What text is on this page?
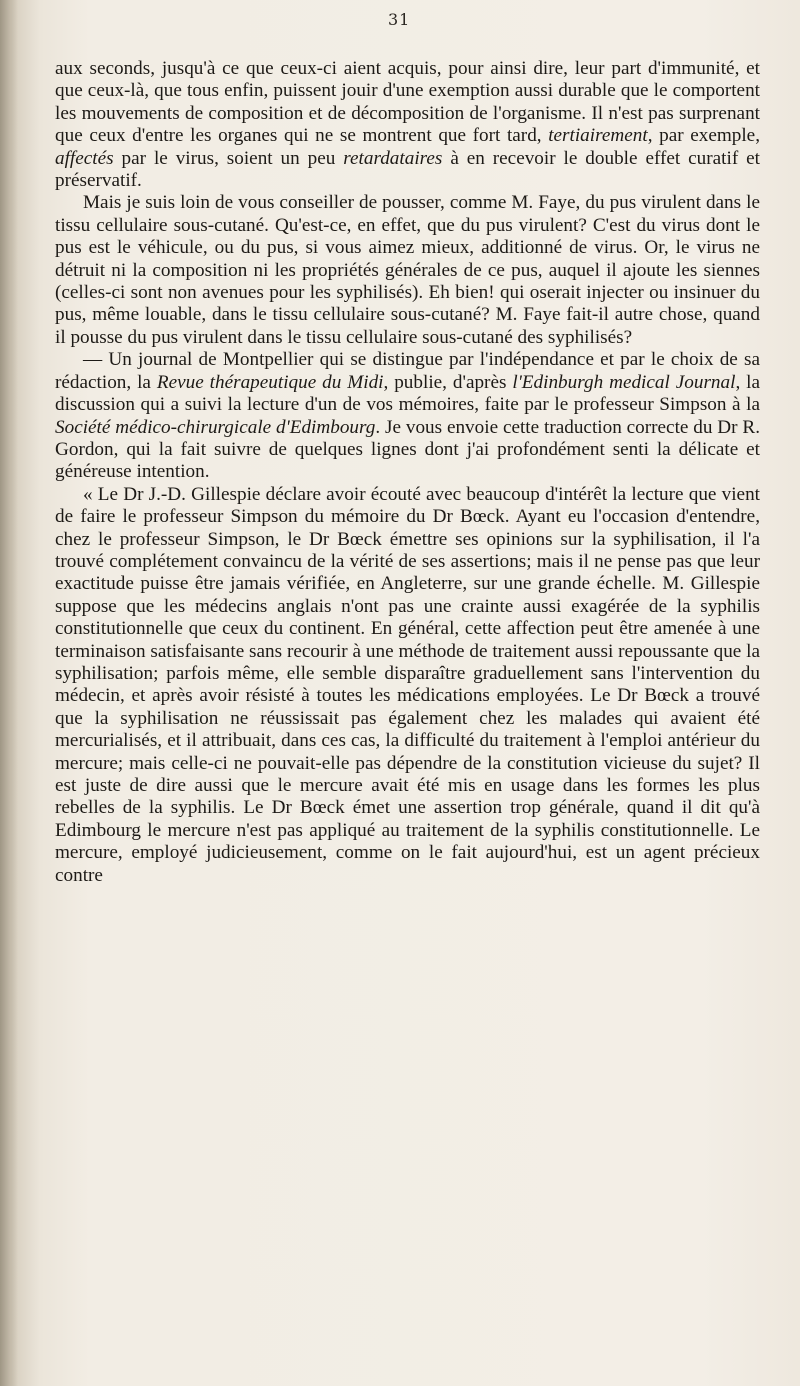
31

aux seconds, jusqu'à ce que ceux-ci aient acquis, pour ainsi dire, leur part d'immunité, et que ceux-là, que tous enfin, puissent jouir d'une exemption aussi durable que le comportent les mouvements de composition et de décomposition de l'organisme. Il n'est pas surprenant que ceux d'entre les organes qui ne se montrent que fort tard, tertiairement, par exemple, affectés par le virus, soient un peu retardataires à en recevoir le double effet curatif et préservatif.

Mais je suis loin de vous conseiller de pousser, comme M. Faye, du pus virulent dans le tissu cellulaire sous-cutané. Qu'est-ce, en effet, que du pus virulent? C'est du virus dont le pus est le véhicule, ou du pus, si vous aimez mieux, additionné de virus. Or, le virus ne détruit ni la composition ni les propriétés générales de ce pus, auquel il ajoute les siennes (celles-ci sont non avenues pour les syphilisés). Eh bien! qui oserait injecter ou insinuer du pus, même louable, dans le tissu cellulaire sous-cutané? M. Faye fait-il autre chose, quand il pousse du pus virulent dans le tissu cellulaire sous-cutané des syphilisés?

— Un journal de Montpellier qui se distingue par l'indépendance et par le choix de sa rédaction, la Revue thérapeutique du Midi, publie, d'après l'Edinburgh medical Journal, la discussion qui a suivi la lecture d'un de vos mémoires, faite par le professeur Simpson à la Société médico-chirurgicale d'Edimbourg. Je vous envoie cette traduction correcte du Dr R. Gordon, qui la fait suivre de quelques lignes dont j'ai profondément senti la délicate et généreuse intention.

« Le Dr J.-D. Gillespie déclare avoir écouté avec beaucoup d'intérêt la lecture que vient de faire le professeur Simpson du mémoire du Dr Bœck. Ayant eu l'occasion d'entendre, chez le professeur Simpson, le Dr Bœck émettre ses opinions sur la syphilisation, il l'a trouvé complétement convaincu de la vérité de ses assertions; mais il ne pense pas que leur exactitude puisse être jamais vérifiée, en Angleterre, sur une grande échelle. M. Gillespie suppose que les médecins anglais n'ont pas une crainte aussi exagérée de la syphilis constitutionnelle que ceux du continent. En général, cette affection peut être amenée à une terminaison satisfaisante sans recourir à une méthode de traitement aussi repoussante que la syphilisation; parfois même, elle semble disparaître graduellement sans l'intervention du médecin, et après avoir résisté à toutes les médications employées. Le Dr Bœck a trouvé que la syphilisation ne réussissait pas également chez les malades qui avaient été mercurialisés, et il attribuait, dans ces cas, la difficulté du traitement à l'emploi antérieur du mercure; mais celle-ci ne pouvait-elle pas dépendre de la constitution vicieuse du sujet? Il est juste de dire aussi que le mercure avait été mis en usage dans les formes les plus rebelles de la syphilis. Le Dr Bœck émet une assertion trop générale, quand il dit qu'à Edimbourg le mercure n'est pas appliqué au traitement de la syphilis constitutionnelle. Le mercure, employé judicieusement, comme on le fait aujourd'hui, est un agent précieux contre
